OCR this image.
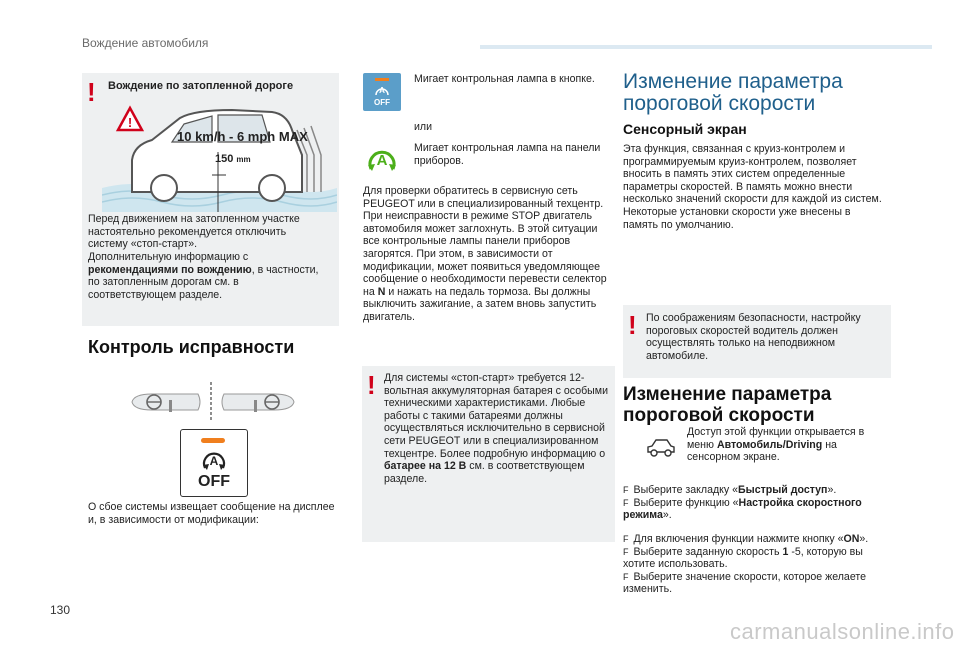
Вождение автомобиля
! Вождение по затопленной дороге
!
10 km/h - 6 mph MAX
150 mm
Перед движением на затопленном участке настоятельно рекомендуется отключить систему «стоп-старт».
Дополнительную информацию с рекомендациями по вождению, в частности, по затопленным дорогам см. в соответствующем разделе.
Контроль исправности
A
OFF
О сбое системы извещает сообщение на дисплее и, в зависимости от модификации:
A
OFF
Мигает контрольная лампа в кнопке.
или
A
Мигает контрольная лампа на панели приборов.
Для проверки обратитесь в сервисную сеть PEUGEOT или в специализированный техцентр. При неисправности в режиме STOP двигатель автомобиля может заглохнуть. В этой ситуации все контрольные лампы панели приборов загорятся. При этом, в зависимости от модификации, может появиться уведомляющее сообщение о необходимости перевести селектор на N и нажать на педаль тормоза. Вы должны выключить зажигание, а затем вновь запустить двигатель.
! Для системы «стоп-старт» требуется 12-вольтная аккумуляторная батарея с особыми техническими характеристиками. Любые работы с такими батареями должны осуществляться исключительно в сервисной сети PEUGEOT или в специализированном техцентре. Более подробную информацию о батарее на 12 В см. в соответствующем разделе.
Изменение параметра пороговой скорости
Сенсорный экран
Эта функция, связанная с круиз-контролем и программируемым круиз-контролем, позволяет вносить в память этих систем определенные параметры скоростей. В память можно внести несколько значений скорости для каждой из систем. Некоторые установки скорости уже внесены в память по умолчанию.
! По соображениям безопасности, настройку пороговых скоростей водитель должен осуществлять только на неподвижном автомобиле.
Изменение параметра пороговой скорости
Доступ этой функции открывается в меню Автомобиль/Driving на сенсорном экране.
F Выберите закладку «Быстрый доступ».
F Выберите функцию «Настройка скоростного режима».
F Для включения функции нажмите кнопку «ON».
F Выберите заданную скорость 1 -5, которую вы хотите использовать.
F Выберите значение скорости, которое желаете изменить.
130
carmanualsonline.info
